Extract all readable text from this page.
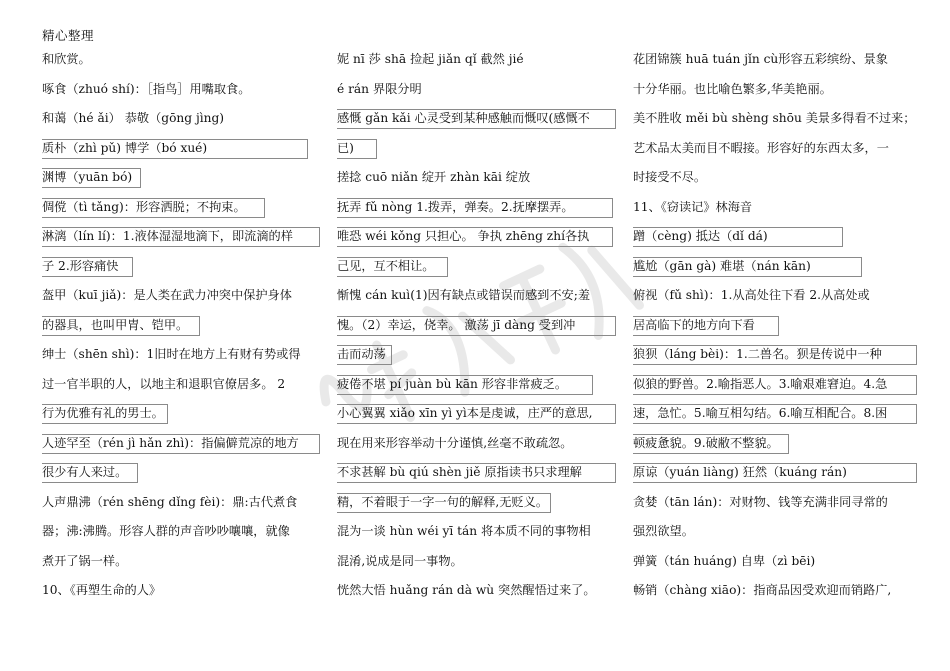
精心整理
和欣赏。
啄食（zhuó shí)：［指鸟］用嘴取食。
和蔼（hé ǎi） 恭敬（gōng jìng)
质朴（zhì pǔ) 博学（bó xué)
渊博（yuān bó)
倜傥（tì tǎng)：形容洒脱；不拘束。
淋漓（lín lí)：1.液体湿湿地滴下，即流滴的样
子 2.形容痛快
盔甲（kuī jiǎ)：是人类在武力冲突中保护身体
的器具，也叫甲胄、铠甲。
绅士（shēn shì)：1旧时在地方上有财有势或得
过一官半职的人，以地主和退职官僚居多。 2
行为优雅有礼的男士。
人迹罕至（rén jì hǎn zhì)：指偏僻荒凉的地方
很少有人来过。
人声鼎沸（rén shēng dǐng fèi)：鼎:古代煮食
器；沸:沸腾。形容人群的声音吵吵嚷嚷，就像
煮开了锅一样。
10、《再塑生命的人》
妮 nī 莎 shā 捡起 jiǎn qǐ 截然 jié
é rán 界限分明
感慨 gǎn kǎi 心灵受到某种感触而慨叹(感慨不
已)
搓捻 cuō niǎn 绽开 zhàn kāi 绽放
抚弄 fǔ nòng 1.拨弄，弹奏。2.抚摩摆弄。
唯恐 wéi kǒng 只担心。 争执 zhēng zhí各执
己见，互不相让。
惭愧 cán kuì(1)因有缺点或错误而感到不安;羞
愧。（2）幸运，侥幸。 激荡 jī dàng 受到冲
击而动荡
疲倦不堪 pí juàn bù kān 形容非常疲乏。
小心翼翼 xiǎo xīn yì yì本是虔诚，庄严的意思,
现在用来形容举动十分谨慎,丝毫不敢疏忽。
不求甚解 bù qiú shèn jiě 原指读书只求理解
精，不着眼于一字一句的解释,无贬义。
混为一谈 hùn wéi yī tán 将本质不同的事物相
混淆,说成是同一事物。
恍然大悟 huǎng rán dà wù 突然醒悟过来了。
花团锦簇 huā tuán jǐn cù形容五彩缤纷、景象
十分华丽。也比喻色繁多,华美艳丽。
美不胜收 měi bù shèng shōu 美景多得看不过来；
艺术品太美而目不暇接。形容好的东西太多，一
时接受不尽。
11、《窃读记》林海音
蹭（cèng) 抵达（dǐ dá)
尴尬（gān gà) 难堪（nán kān)
俯视（fǔ shì)：1.从高处往下看 2.从高处或
居高临下的地方向下看
狼狈（láng bèi)：1.二兽名。狈是传说中一种
似狼的野兽。2.喻指恶人。3.喻艰难窘迫。4.急
速，急忙。5.喻互相勾结。6.喻互相配合。8.困
顿疲惫貌。9.破敝不整貌。
原谅（yuán liàng) 狂然（kuáng rán)
贪婪（tān lán)：对财物、钱等充满非同寻常的
强烈欲望。
弹簧（tán huáng) 自卑（zì bēi)
畅销（chàng xiāo)：指商品因受欢迎而销路广,
